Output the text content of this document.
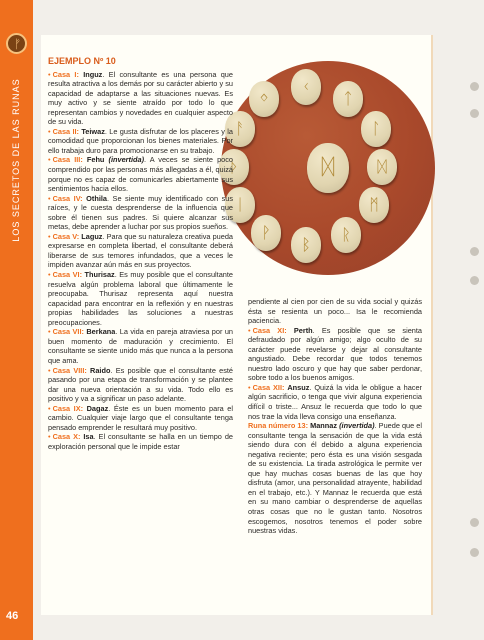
ᚠ
LOS SECRETOS DE LAS RUNAS
46
ᛞ
ᛜ
ᚲ
ᛏ
ᛚ
ᛞ
ᛗ
ᚱ
ᛒ
ᚹ
ᛁ
ᚦ
ᚨ
EJEMPLO Nº 10
• Casa I: Inguz. El consultante es una persona que resulta atractiva a los demás por su carácter abierto y su capacidad de adaptarse a las situaciones nuevas. Es muy activo y se siente atraído por todo lo que representan cambios y novedades en cualquier aspecto de su vida.
• Casa II: Teiwaz. Le gusta disfrutar de los placeres y la comodidad que proporcionan los bienes materiales. Por ello trabaja duro para promocionarse en su trabajo.
• Casa III: Fehu (invertida). A veces se siente poco comprendido por las personas más allegadas a él, quizá porque no es capaz de comunicarles abiertamente sus sentimientos hacia ellos.
• Casa IV: Othila. Se siente muy identificado con sus raíces, y le cuesta desprenderse de la influencia que sobre él tienen sus padres. Si quiere alcanzar sus metas, debe aprender a luchar por sus propios sueños.
• Casa V: Laguz. Para que su naturaleza creativa pueda expresarse en completa libertad, el consultante deberá liberarse de sus temores infundados, que a veces le impiden avanzar aún más en sus proyectos.
• Casa VI: Thurisaz. Es muy posible que el consultante resuelva algún problema laboral que últimamente le preocupaba. Thurisaz representa aquí nuestra capacidad para encontrar en la reflexión y en nuestras propias habilidades las soluciones a nuestras preocupaciones.
• Casa VII: Berkana. La vida en pareja atraviesa por un buen momento de maduración y crecimiento. El consultante se siente unido más que nunca a la persona que ama.
• Casa VIII: Raido. Es posible que el consultante esté pasando por una etapa de transformación y se plantee dar una nueva orientación a su vida. Todo ello es positivo y va a significar un paso adelante.
• Casa IX: Dagaz. Éste es un buen momento para el cambio. Cualquier viaje largo que el consultante tenga pensado emprender le resultará muy positivo.
• Casa X: Isa. El consultante se halla en un tiempo de exploración personal que le impide estar
pendiente al cien por cien de su vida social y quizás ésta se resienta un poco... Isa le recomienda paciencia.
• Casa XI: Perth. Es posible que se sienta defraudado por algún amigo; algo oculto de su carácter puede revelarse y dejar al consultante angustiado. Debe recordar que todos tenemos nuestro lado oscuro y que hay que saber perdonar, sobre todo a los buenos amigos.
• Casa XII: Ansuz. Quizá la vida le obligue a hacer algún sacrificio, o tenga que vivir alguna experiencia difícil o triste... Ansuz le recuerda que todo lo que nos trae la vida lleva consigo una enseñanza.
Runa número 13: Mannaz (invertida). Puede que el consultante tenga la sensación de que la vida está siendo dura con él debido a alguna experiencia negativa reciente; pero ésta es una visión sesgada de su existencia. La tirada astrológica le permite ver que hay muchas cosas buenas de las que hoy disfruta (amor, una personalidad atrayente, habilidad en el trabajo, etc.). Y Mannaz le recuerda que está en su mano cambiar o desprenderse de aquellas otras cosas que no le gustan tanto. Nosotros escogemos, nosotros tenemos el poder sobre nuestras vidas.
